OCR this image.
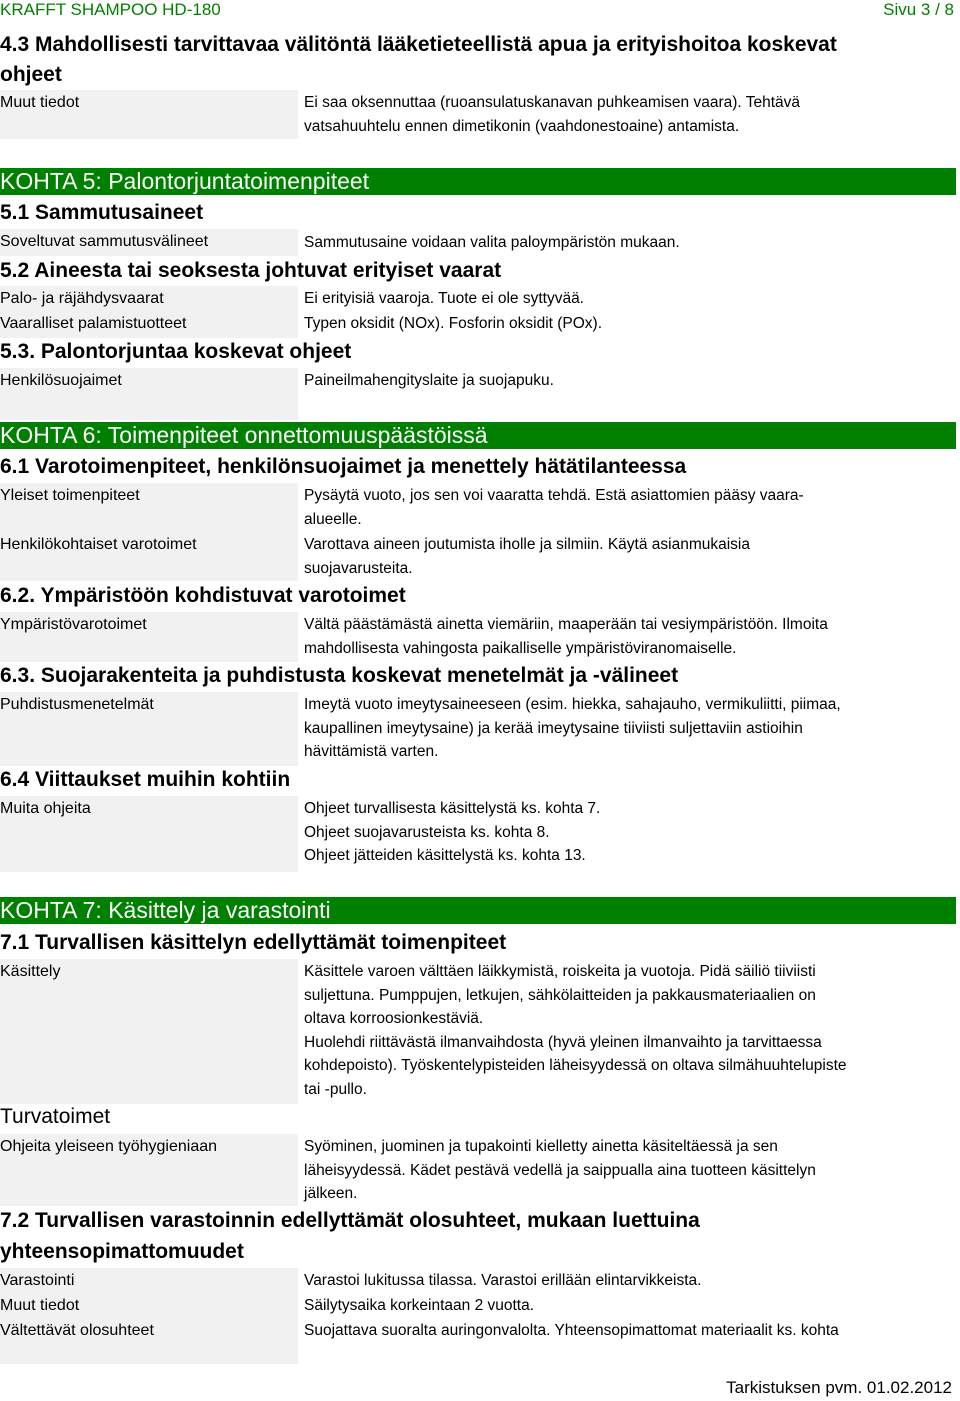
KRAFFT SHAMPOO HD-180	Sivu 3 / 8
4.3 Mahdollisesti tarvittavaa välitöntä lääketieteellistä apua ja erityishoitoa koskevat
ohjeet
Muut tiedot	Ei saa oksennuttaa (ruoansulatuskanavan puhkeamisen vaara). Tehtävä
vatsahuuhtelu ennen dimetikonin (vaahdonestoaine) antamista.
KOHTA 5: Palontorjuntatoimenpiteet
5.1 Sammutusaineet
Soveltuvat sammutusvälineet	Sammutusaine voidaan valita paloympäristön mukaan.
5.2 Aineesta tai seoksesta johtuvat erityiset vaarat
Palo- ja räjähdysvaarat	Ei erityisiä vaaroja. Tuote ei ole syttyvää.
Vaaralliset palamistuotteet	Typen oksidit (NOx). Fosforin oksidit (POx).
5.3. Palontorjuntaa koskevat ohjeet
Henkilösuojaimet	Paineilmahengityslaite ja suojapuku.
KOHTA 6: Toimenpiteet onnettomuuspäästöissä
6.1 Varotoimenpiteet, henkilönsuojaimet ja menettely hätätilanteessa
Yleiset toimenpiteet	Pysäytä vuoto, jos sen voi vaaratta tehdä. Estä asiattomien pääsy vaara-
alueelle.
Henkilökohtaiset varotoimet	Varottava aineen joutumista iholle ja silmiin. Käytä asianmukaisia
suojavarusteita.
6.2. Ympäristöön kohdistuvat varotoimet
Ympäristövarotoimet	Vältä päästämästä ainetta viemäriin, maaperään tai vesiympäristöön. Ilmoita
mahdollisesta vahingosta paikalliselle ympäristöviranomaiselle.
6.3. Suojarakenteita ja puhdistusta koskevat menetelmät ja -välineet
Puhdistusmenetelmät	Imeytä vuoto imeytysaineeseen (esim. hiekka, sahajauho, vermikuliitti, piimaa,
kaupallinen imeytysaine) ja kerää imeytysaine tiiviisti suljettaviin astioihin
hävittämistä varten.
6.4 Viittaukset muihin kohtiin
Muita ohjeita	Ohjeet turvallisesta käsittelystä ks. kohta 7.
Ohjeet suojavarusteista ks. kohta 8.
Ohjeet jätteiden käsittelystä ks. kohta 13.
KOHTA 7: Käsittely ja varastointi
7.1 Turvallisen käsittelyn edellyttämät toimenpiteet
Käsittely	Käsittele varoen välttäen läikkymistä, roiskeita ja vuotoja. Pidä säiliö tiiviisti
suljettuna. Pumppujen, letkujen, sähkölaitteiden ja pakkausmateriaalien on
oltava korroosionkestäviä.
Huolehdi riittävästä ilmanvaihdosta (hyvä yleinen ilmanvaihto ja tarvittaessa
kohdepoisto). Työskentelypisteiden läheisyydessä on oltava silmähuuhtelupiste
tai -pullo.
Turvatoimet
Ohjeita yleiseen työhygieniaan	Syöminen, juominen ja tupakointi kielletty ainetta käsiteltäessä ja sen
läheisyydessä. Kädet pestävä vedellä ja saippualla aina tuotteen käsittelyn
jälkeen.
7.2 Turvallisen varastoinnin edellyttämät olosuhteet, mukaan luettuina
yhteensopimattomuudet
Varastointi	Varastoi lukitussa tilassa. Varastoi erillään elintarvikkeista.
Muut tiedot	Säilytysaika korkeintaan 2 vuotta.
Vältettävät olosuhteet	Suojattava suoralta auringonvalolta. Yhteensopimattomat materiaalit ks. kohta
Tarkistuksen pvm. 01.02.2012
